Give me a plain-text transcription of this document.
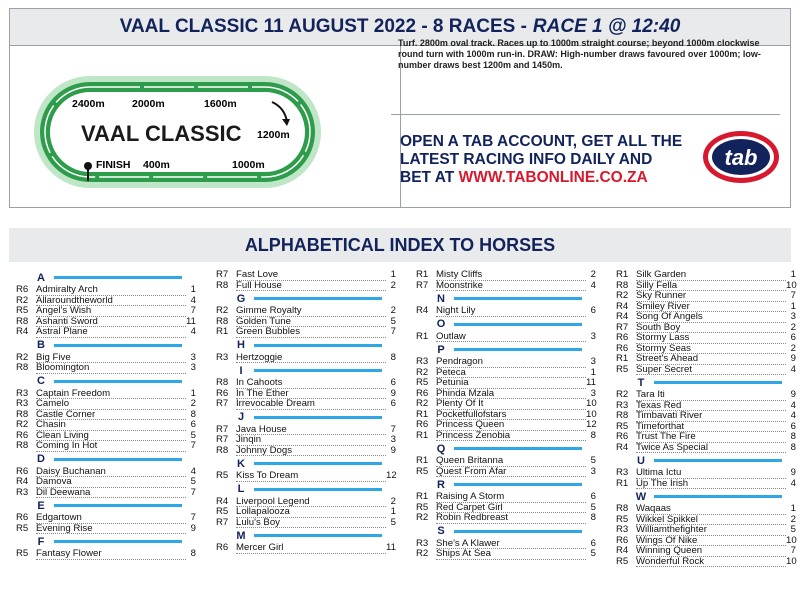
VAAL CLASSIC 11 AUGUST 2022 - 8 RACES - RACE 1 @ 12:40
2400m	2000m	1600m
1200m
VAAL CLASSIC
FINISH 400m	1000m
Turf. 2800m oval track. Races up to 1000m straight course; beyond 1000m clockwise round turn with 1000m run-in. DRAW: High-number draws favoured over 1000m; low-number draws best 1200m and 1450m.
OPEN A TAB ACCOUNT, GET ALL THE
LATEST RACING INFO DAILY AND
BET AT WWW.TABONLINE.CO.ZA
tab
ALPHABETICAL INDEX TO HORSES
A
R6 Admiralty Arch	1
R2 Allaroundtheworld	4
R5 Angel's Wish	7
R8 Ashanti Sword	11
R4 Astral Plane	4
B
R2 Big Five	3
R8 Bloomington	3
C
R3 Captain Freedom	1
R3 Camelo	2
R8 Castle Corner	8
R2 Chasin	6
R6 Clean Living	5
R8 Coming In Hot	7
D
R6 Daisy Buchanan	4
R4 Damova	5
R3 Dil Deewana	7
E
R6 Edgartown	7
R5 Evening Rise	9
F
R5 Fantasy Flower	8
R7 Fast Love	1
R8 Full House	2
G
R2 Gimme Royalty	2
R8 Golden Tune	5
R1 Green Bubbles	7
H
R3 Hertzoggie	8
I
R8 In Cahoots	6
R6 In The Ether	9
R7 Irrevocable Dream	6
J
R7 Java House	7
R7 Jinqin	3
R8 Johnny Dogs	9
K
R5 Kiss To Dream	12
L
R4 Liverpool Legend	2
R5 Lollapalooza	1
R7 Lulu's Boy	5
M
R6 Mercer Girl	11
R1 Misty Cliffs	2
R7 Moonstrike	4
N
R4 Night Lily	6
O
R1 Outlaw	3
P
R3 Pendragon	3
R2 Peteca	1
R5 Petunia	11
R6 Phinda Mzala	3
R2 Plenty Of It	10
R1 Pocketfullofstars	10
R6 Princess Queen	12
R1 Princess Zenobia	8
Q
R1 Queen Britanna	5
R5 Quest From Afar	3
R
R1 Raising A Storm	6
R5 Red Carpet Girl	5
R2 Robin Redbreast	8
S
R3 She's A Klawer	6
R2 Ships At Sea	5
R1 Silk Garden	1
R8 Silly Fella	10
R2 Sky Runner	7
R4 Smiley River	1
R4 Song Of Angels	3
R7 South Boy	2
R6 Stormy Lass	6
R6 Stormy Seas	2
R1 Street's Ahead	9
R5 Super Secret	4
T
R2 Tara Iti	9
R3 Texas Red	4
R8 Timbavati River	4
R5 Timeforthat	6
R6 Trust The Fire	8
R4 Twice As Special	8
U
R3 Ultima Ictu	9
R1 Up The Irish	4
W
R8 Waqaas	1
R5 Wikkel Spikkel	2
R3 Williamthefighter	5
R6 Wings Of Nike	10
R4 Winning Queen	7
R5 Wonderful Rock	10
